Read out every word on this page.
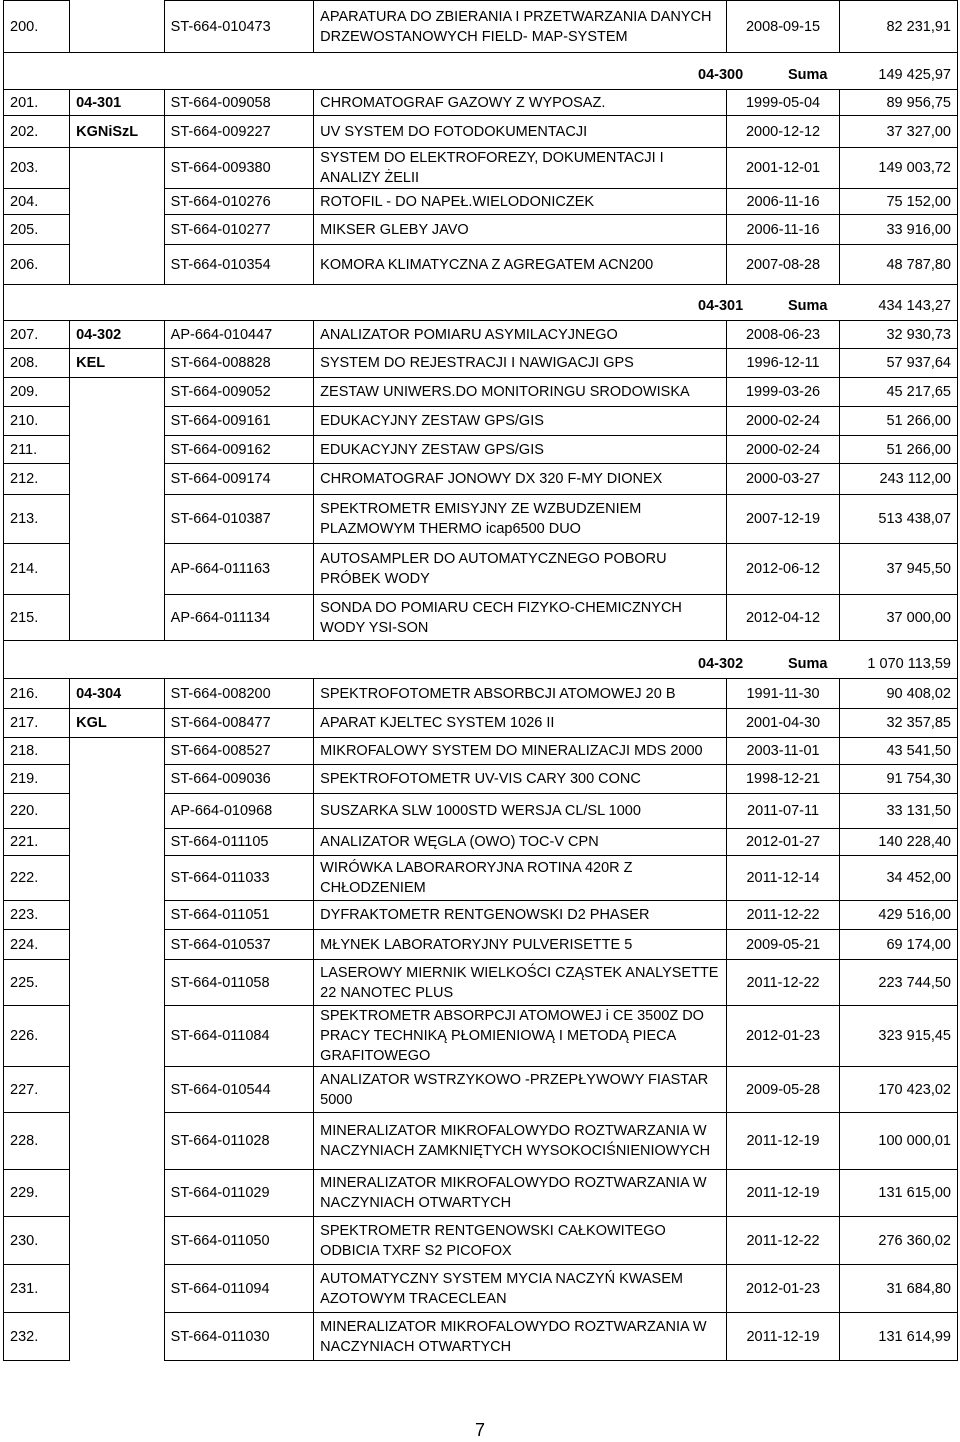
200.		ST-664-010473	APARATURA DO ZBIERANIA I PRZETWARZANIA DANYCH DRZEWOSTANOWYCH FIELD- MAP-SYSTEM	2008-09-15	82 231,91

04-300 Suma 149 425,97					

201.	04-301	ST-664-009058	CHROMATOGRAF GAZOWY Z WYPOSAZ.	1999-05-04	89 956,75
202.	KGNiSzL	ST-664-009227	UV SYSTEM DO FOTODOKUMENTACJI	2000-12-12	37 327,00
203.		ST-664-009380	SYSTEM DO ELEKTROFOREZY, DOKUMENTACJI I ANALIZY ŻELII	2001-12-01	149 003,72
204.		ST-664-010276	ROTOFIL - DO NAPEŁ.WIELODONICZEK	2006-11-16	75 152,00
205.		ST-664-010277	MIKSER GLEBY JAVO	2006-11-16	33 916,00
206.		ST-664-010354	KOMORA KLIMATYCZNA Z AGREGATEM ACN200	2007-08-28	48 787,80

04-301 Suma 434 143,27					

207.	04-302	AP-664-010447	ANALIZATOR POMIARU ASYMILACYJNEGO	2008-06-23	32 930,73
208.	KEL	ST-664-008828	SYSTEM DO REJESTRACJI I NAWIGACJI GPS	1996-12-11	57 937,64
209.		ST-664-009052	ZESTAW UNIWERS.DO MONITORINGU SRODOWISKA	1999-03-26	45 217,65
210.		ST-664-009161	EDUKACYJNY ZESTAW GPS/GIS	2000-02-24	51 266,00
211.		ST-664-009162	EDUKACYJNY ZESTAW GPS/GIS	2000-02-24	51 266,00
212.		ST-664-009174	CHROMATOGRAF JONOWY DX 320 F-MY DIONEX	2000-03-27	243 112,00
213.		ST-664-010387	SPEKTROMETR EMISYJNY ZE WZBUDZENIEM PLAZMOWYM THERMO icap6500 DUO	2007-12-19	513 438,07
214.		AP-664-011163	AUTOSAMPLER DO AUTOMATYCZNEGO POBORU PRÓBEK WODY	2012-06-12	37 945,50
215.		AP-664-011134	SONDA DO POMIARU CECH FIZYKO-CHEMICZNYCH WODY YSI-SON	2012-04-12	37 000,00

04-302 Suma 1 070 113,59					

216.	04-304	ST-664-008200	SPEKTROFOTOMETR ABSORBCJI ATOMOWEJ 20 B	1991-11-30	90 408,02
217.	KGL	ST-664-008477	APARAT KJELTEC SYSTEM 1026 II	2001-04-30	32 357,85
218.		ST-664-008527	MIKROFALOWY SYSTEM DO MINERALIZACJI MDS 2000	2003-11-01	43 541,50
219.		ST-664-009036	SPEKTROFOTOMETR UV-VIS CARY 300 CONC	1998-12-21	91 754,30
220.		AP-664-010968	SUSZARKA SLW 1000STD WERSJA CL/SL 1000	2011-07-11	33 131,50
221.		ST-664-011105	ANALIZATOR WĘGLA (OWO) TOC-V CPN	2012-01-27	140 228,40
222.		ST-664-011033	WIRÓWKA LABORARORYJNA ROTINA 420R Z CHŁODZENIEM	2011-12-14	34 452,00
223.		ST-664-011051	DYFRAKTOMETR RENTGENOWSKI D2 PHASER	2011-12-22	429 516,00
224.		ST-664-010537	MŁYNEK LABORATORYJNY PULVERISETTE 5	2009-05-21	69 174,00
225.		ST-664-011058	LASEROWY MIERNIK WIELKOŚCI CZĄSTEK ANALYSETTE 22 NANOTEC PLUS	2011-12-22	223 744,50
226.		ST-664-011084	SPEKTROMETR ABSORPCJI ATOMOWEJ i CE 3500Z DO PRACY TECHNIKĄ PŁOMIENIOWĄ I METODĄ PIECA GRAFITOWEGO	2012-01-23	323 915,45
227.		ST-664-010544	ANALIZATOR WSTRZYKOWO -PRZEPŁYWOWY FIASTAR 5000	2009-05-28	170 423,02
228.		ST-664-011028	MINERALIZATOR MIKROFALOWYDO ROZTWARZANIA W NACZYNIACH ZAMKNIĘTYCH WYSOKOCIŚNIENIOWYCH	2011-12-19	100 000,01
229.		ST-664-011029	MINERALIZATOR MIKROFALOWYDO ROZTWARZANIA W NACZYNIACH OTWARTYCH	2011-12-19	131 615,00
230.		ST-664-011050	SPEKTROMETR RENTGENOWSKI CAŁKOWITEGO ODBICIA TXRF S2 PICOFOX	2011-12-22	276 360,02
231.		ST-664-011094	AUTOMATYCZNY SYSTEM MYCIA NACZYŃ KWASEM AZOTOWYM TRACECLEAN	2012-01-23	31 684,80
232.		ST-664-011030	MINERALIZATOR MIKROFALOWYDO ROZTWARZANIA W NACZYNIACH OTWARTYCH	2011-12-19	131 614,99
7
